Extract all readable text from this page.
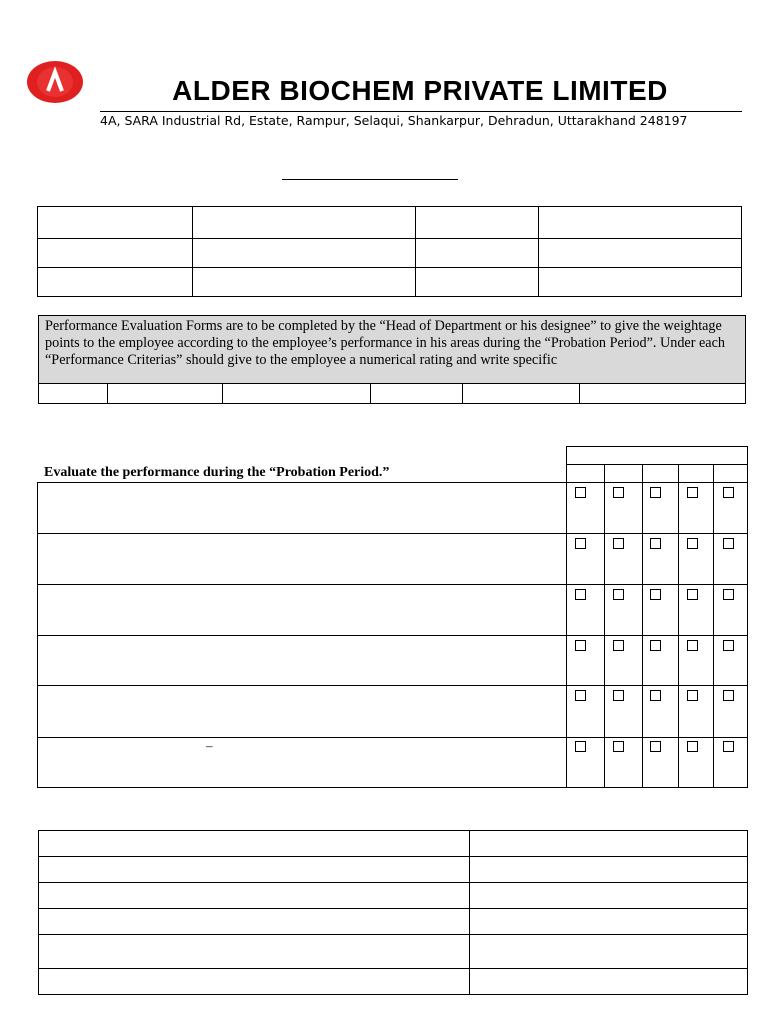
ALDER BIOCHEM PRIVATE LIMITED
4A, SARA Industrial Rd, Estate, Rampur, Selaqui, Shankarpur, Dehradun, Uttarakhand 248197
Performance Evaluation Forms are to be completed by the “Head of Department or his designee” to give the weightage points to the employee according to the employee’s performance in his areas during the “Probation Period”. Under each “Performance Criterias” should give to the employee a numerical rating and write specific
Evaluate the performance during the “Probation Period.”
–
